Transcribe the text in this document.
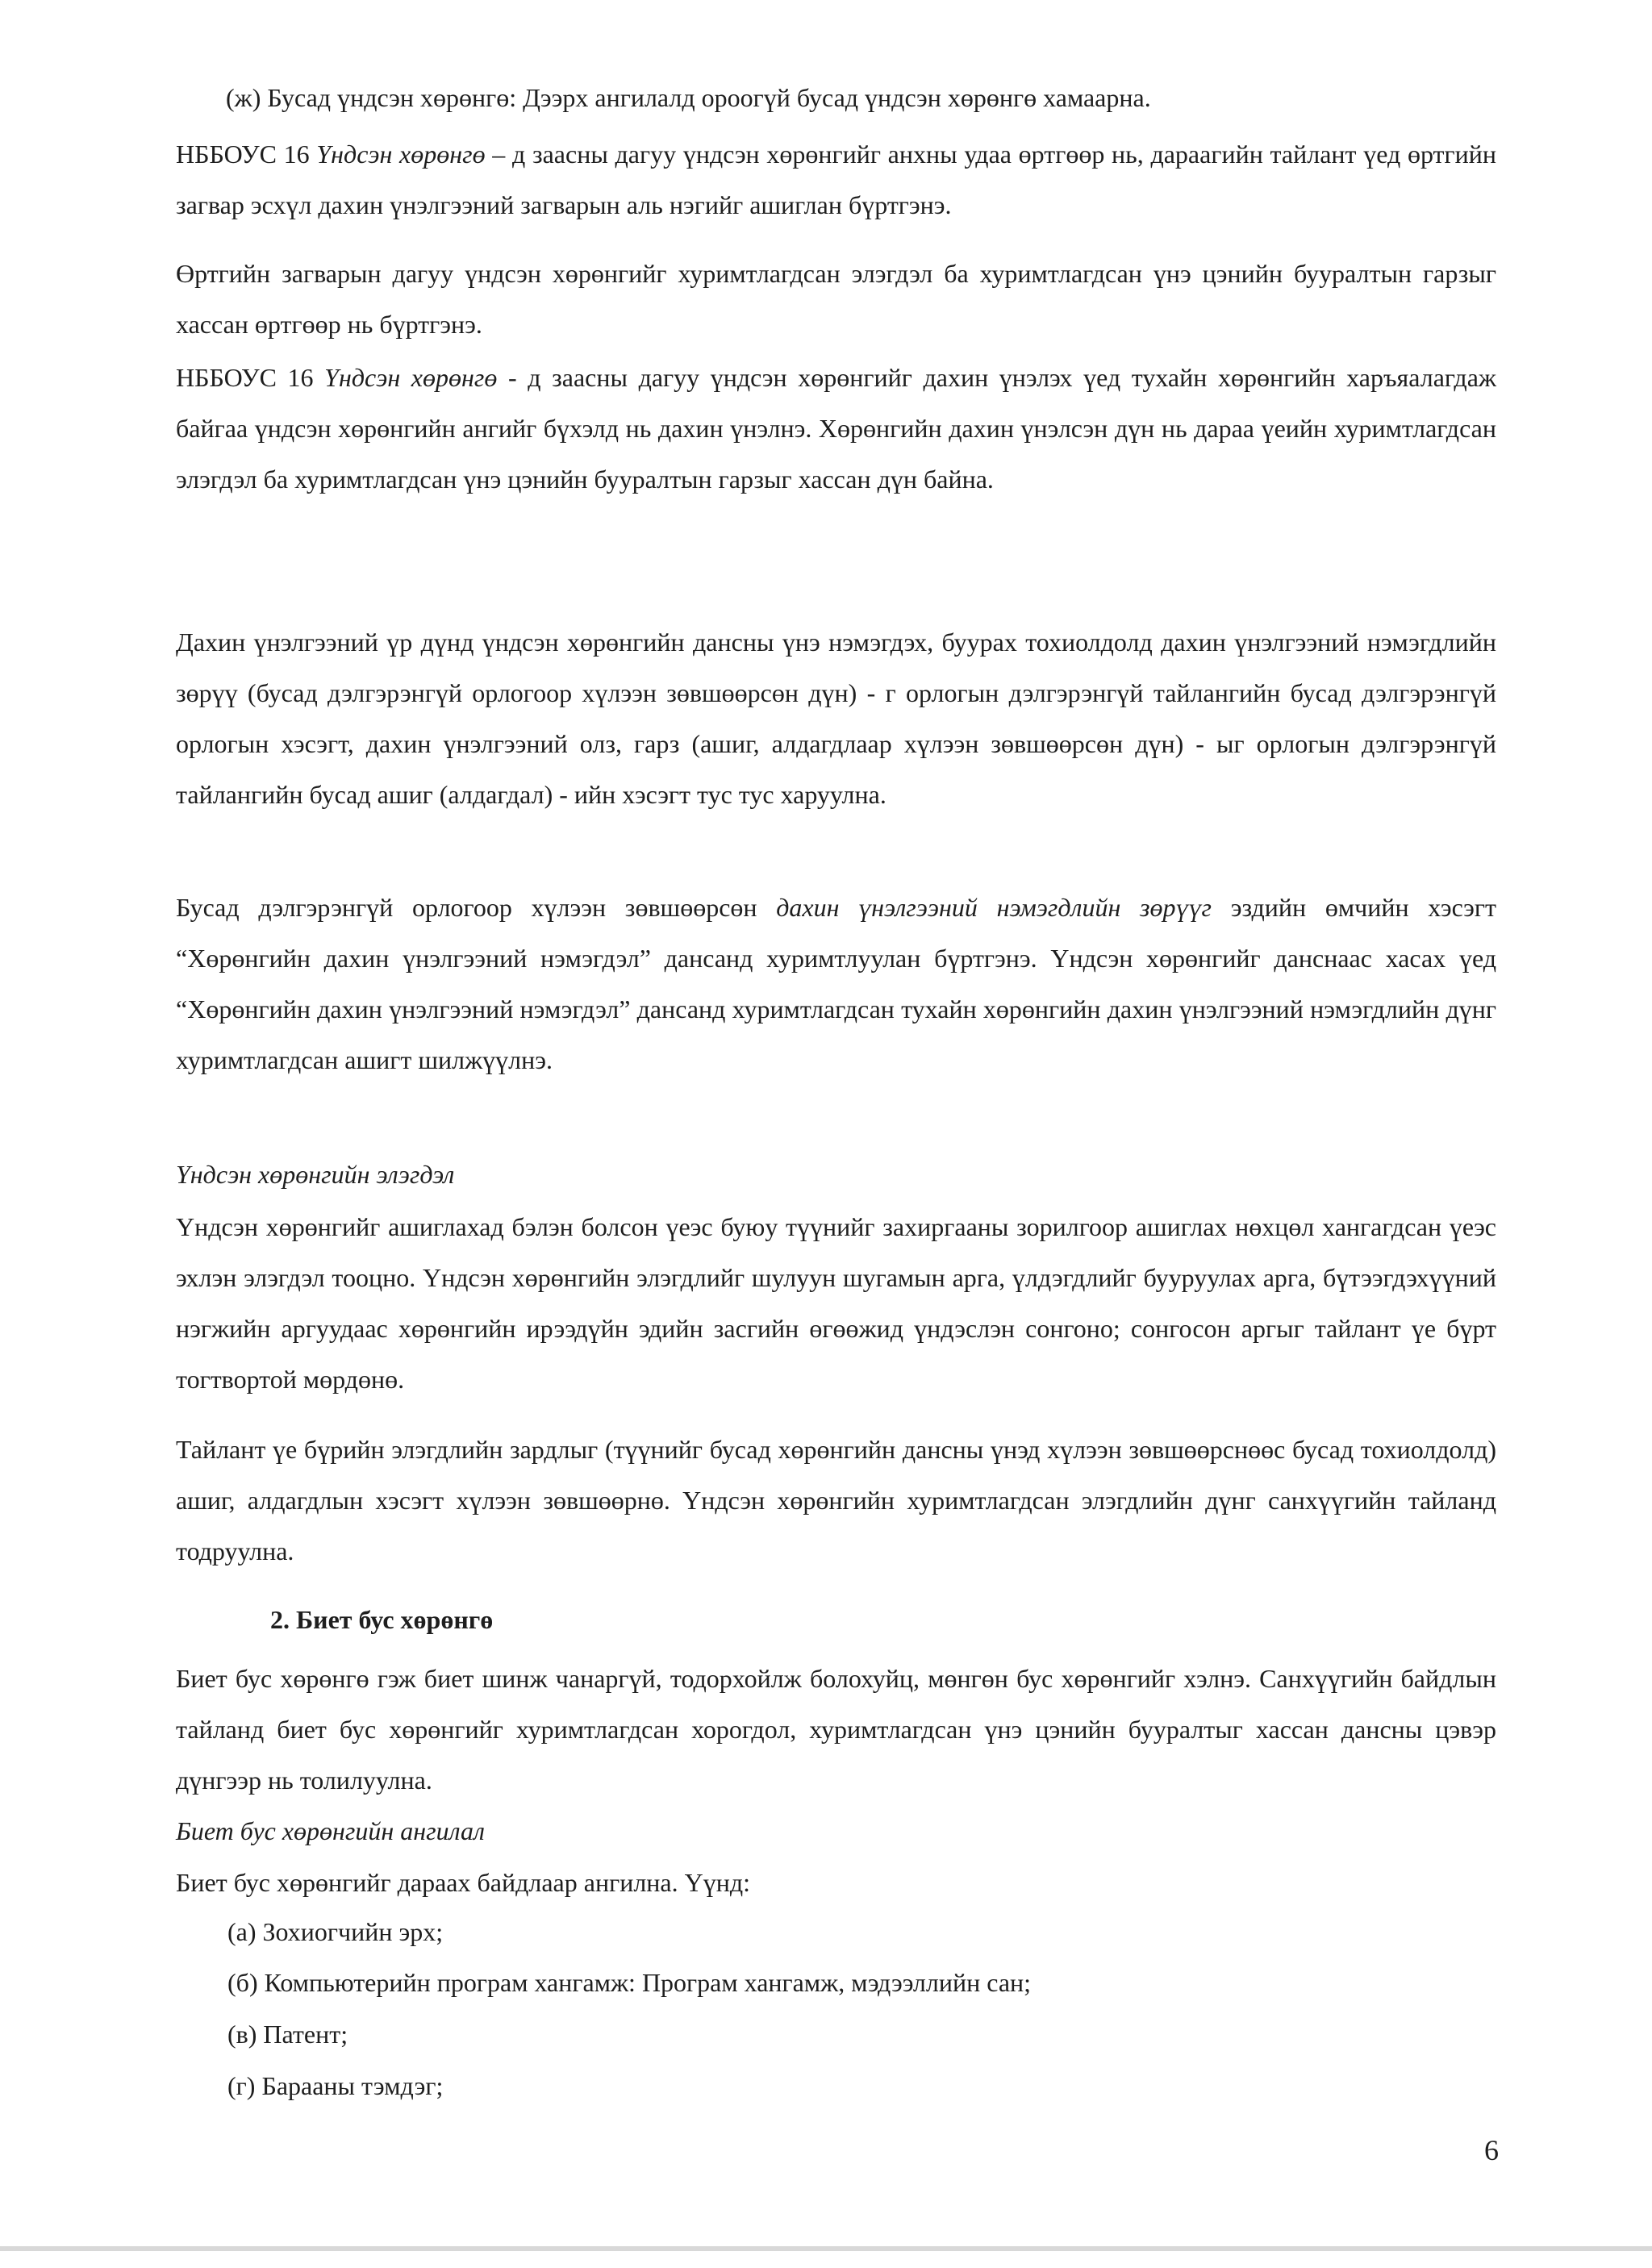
(ж) Бусад үндсэн хөрөнгө: Дээрх ангилалд ороогүй бусад үндсэн хөрөнгө хамаарна.

НББОУС 16 Үндсэн хөрөнгө – д заасны дагуу үндсэн хөрөнгийг анхны удаа өртгөөр нь, дараагийн тайлант үед өртгийн загвар эсхүл дахин үнэлгээний загварын аль нэгийг ашиглан бүртгэнэ.

Өртгийн загварын дагуу үндсэн хөрөнгийг хуримтлагдсан элэгдэл ба хуримтлагдсан үнэ цэнийн бууралтын гарзыг хассан өртгөөр нь бүртгэнэ.

НББОУС 16 Үндсэн хөрөнгө - д заасны дагуу үндсэн хөрөнгийг дахин үнэлэх үед тухайн хөрөнгийн харъяалагдаж байгаа үндсэн хөрөнгийн ангийг бүхэлд нь дахин үнэлнэ. Хөрөнгийн дахин үнэлсэн дүн нь дараа үеийн хуримтлагдсан элэгдэл ба хуримтлагдсан үнэ цэнийн бууралтын гарзыг хассан дүн байна.

Дахин үнэлгээний үр дүнд үндсэн хөрөнгийн дансны үнэ нэмэгдэх, буурах тохиолдолд дахин үнэлгээний нэмэгдлийн зөрүү (бусад дэлгэрэнгүй орлогоор хүлээн зөвшөөрсөн дүн) - г орлогын дэлгэрэнгүй тайлангийн бусад дэлгэрэнгүй орлогын хэсэгт, дахин үнэлгээний олз, гарз (ашиг, алдагдлаар хүлээн зөвшөөрсөн дүн) - ыг орлогын дэлгэрэнгүй тайлангийн бусад ашиг (алдагдал) - ийн хэсэгт тус тус харуулна.

Бусад дэлгэрэнгүй орлогоор хүлээн зөвшөөрсөн дахин үнэлгээний нэмэгдлийн зөрүүг эздийн өмчийн хэсэгт “Хөрөнгийн дахин үнэлгээний нэмэгдэл” дансанд хуримтлуулан бүртгэнэ. Үндсэн хөрөнгийг данснаас хасах үед “Хөрөнгийн дахин үнэлгээний нэмэгдэл” дансанд хуримтлагдсан тухайн хөрөнгийн дахин үнэлгээний нэмэгдлийн дүнг хуримтлагдсан ашигт шилжүүлнэ.

Үндсэн хөрөнгийн элэгдэл

Үндсэн хөрөнгийг ашиглахад бэлэн болсон үеэс буюу түүнийг захиргааны зорилгоор ашиглах нөхцөл хангагдсан үеэс эхлэн элэгдэл тооцно. Үндсэн хөрөнгийн элэгдлийг шулуун шугамын арга, үлдэгдлийг бууруулах арга, бүтээгдэхүүний нэгжийн аргуудаас хөрөнгийн ирээдүйн эдийн засгийн өгөөжид үндэслэн сонгоно; сонгосон аргыг тайлант үе бүрт тогтвортой мөрдөнө.

Тайлант үе бүрийн элэгдлийн зардлыг (түүнийг бусад хөрөнгийн дансны үнэд хүлээн зөвшөөрснөөс бусад тохиолдолд) ашиг, алдагдлын хэсэгт хүлээн зөвшөөрнө. Үндсэн хөрөнгийн хуримтлагдсан элэгдлийн дүнг санхүүгийн тайланд тодруулна.

2. Биет бус хөрөнгө

Биет бус хөрөнгө гэж биет шинж чанаргүй, тодорхойлж болохуйц, мөнгөн бус хөрөнгийг хэлнэ. Санхүүгийн байдлын тайланд биет бус хөрөнгийг хуримтлагдсан хорогдол, хуримтлагдсан үнэ цэнийн бууралтыг хассан дансны цэвэр дүнгээр нь толилуулна.

Биет бус хөрөнгийн ангилал

Биет бус хөрөнгийг дараах байдлаар ангилна. Үүнд:

(а) Зохиогчийн эрх;

(б) Компьютерийн програм хангамж: Програм хангамж, мэдээллийн сан;

(в) Патент;

(г) Барааны тэмдэг;

6
